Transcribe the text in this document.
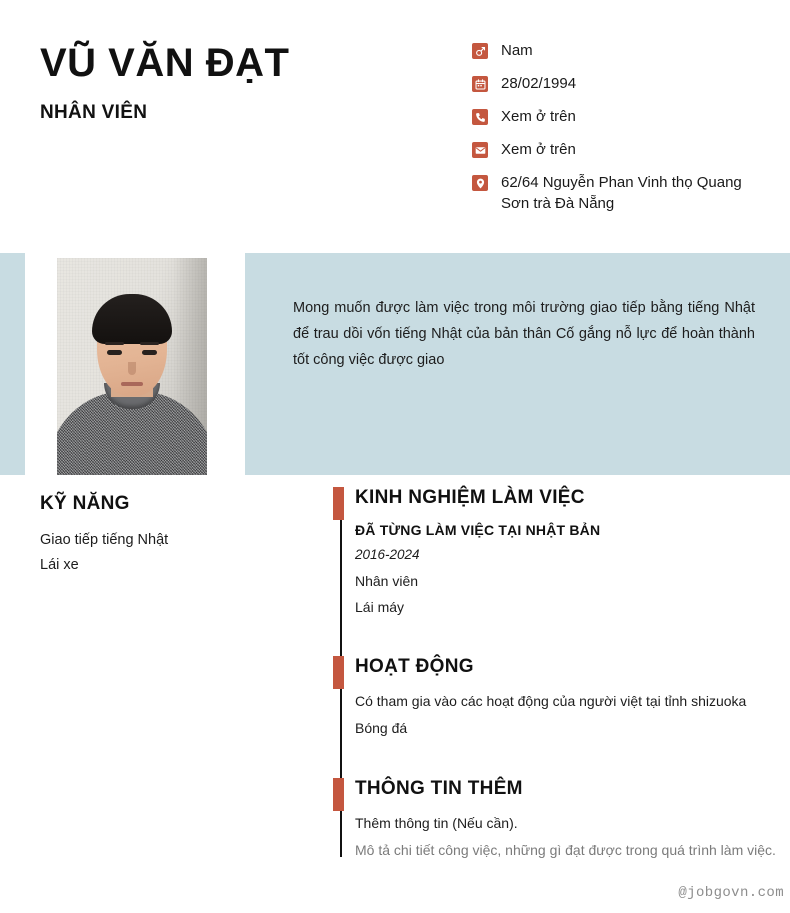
VŨ VĂN ĐẠT
NHÂN VIÊN
Nam
28/02/1994
Xem ở trên
Xem ở trên
62/64 Nguyễn Phan Vinh thọ Quang Sơn trà Đà Nẵng
Mong muốn được làm việc trong môi trường giao tiếp bằng tiếng Nhật để trau dồi vốn tiếng Nhật của bản thân Cố gắng nỗ lực để hoàn thành tốt công việc được giao
KỸ NĂNG
Giao tiếp tiếng Nhật
Lái xe
KINH NGHIỆM LÀM VIỆC
ĐÃ TỪNG LÀM VIỆC TẠI NHẬT BẢN
2016-2024
Nhân viên
Lái máy
HOẠT ĐỘNG
Có tham gia vào các hoạt động của người việt tại tỉnh shizuoka
Bóng đá
THÔNG TIN THÊM
Thêm thông tin (Nếu cần).
Mô tả chi tiết công việc, những gì đạt được trong quá trình làm việc.
@jobgovn.com
